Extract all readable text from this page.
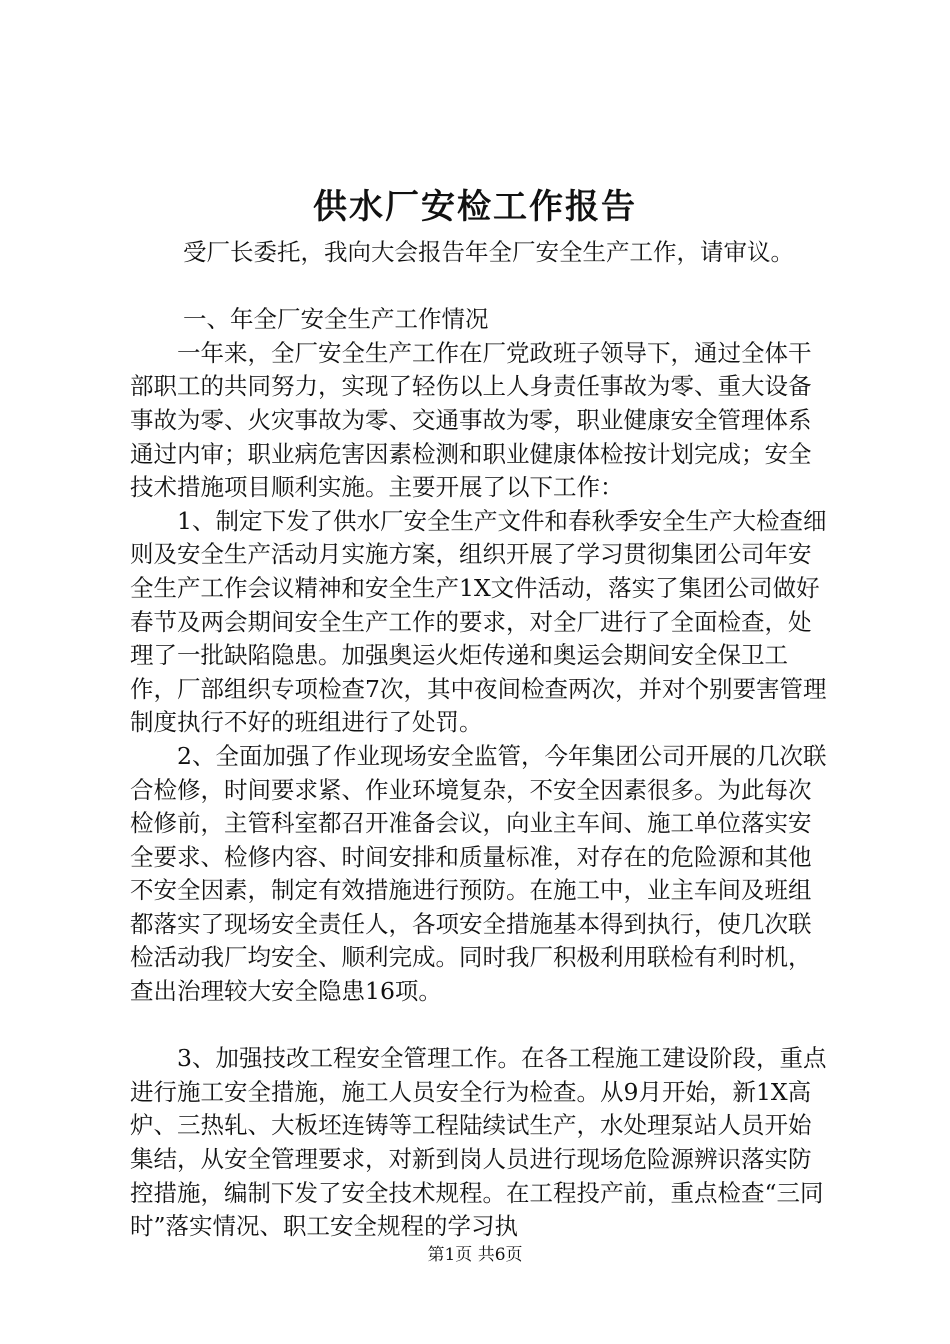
供水厂安检工作报告

受厂长委托，我向大会报告年全厂安全生产工作，请审议。

一、年全厂安全生产工作情况

一年来，全厂安全生产工作在厂党政班子领导下，通过全体干部职工的共同努力，实现了轻伤以上人身责任事故为零、重大设备事故为零、火灾事故为零、交通事故为零，职业健康安全管理体系通过内审；职业病危害因素检测和职业健康体检按计划完成；安全技术措施项目顺利实施。主要开展了以下工作：

1、制定下发了供水厂安全生产文件和春秋季安全生产大检查细则及安全生产活动月实施方案，组织开展了学习贯彻集团公司年安全生产工作会议精神和安全生产1X文件活动，落实了集团公司做好春节及两会期间安全生产工作的要求，对全厂进行了全面检查，处理了一批缺陷隐患。加强奥运火炬传递和奥运会期间安全保卫工作，厂部组织专项检查7次，其中夜间检查两次，并对个别要害管理制度执行不好的班组进行了处罚。

2、全面加强了作业现场安全监管，今年集团公司开展的几次联合检修，时间要求紧、作业环境复杂，不安全因素很多。为此每次检修前，主管科室都召开准备会议，向业主车间、施工单位落实安全要求、检修内容、时间安排和质量标准，对存在的危险源和其他不安全因素，制定有效措施进行预防。在施工中，业主车间及班组都落实了现场安全责任人，各项安全措施基本得到执行，使几次联检活动我厂均安全、顺利完成。同时我厂积极利用联检有利时机，查出治理较大安全隐患16项。

3、加强技改工程安全管理工作。在各工程施工建设阶段，重点进行施工安全措施，施工人员安全行为检查。从9月开始，新1X高炉、三热轧、大板坯连铸等工程陆续试生产，水处理泵站人员开始集结，从安全管理要求，对新到岗人员进行现场危险源辨识落实防控措施，编制下发了安全技术规程。在工程投产前，重点检查“三同时”落实情况、职工安全规程的学习执

第1页 共6页
